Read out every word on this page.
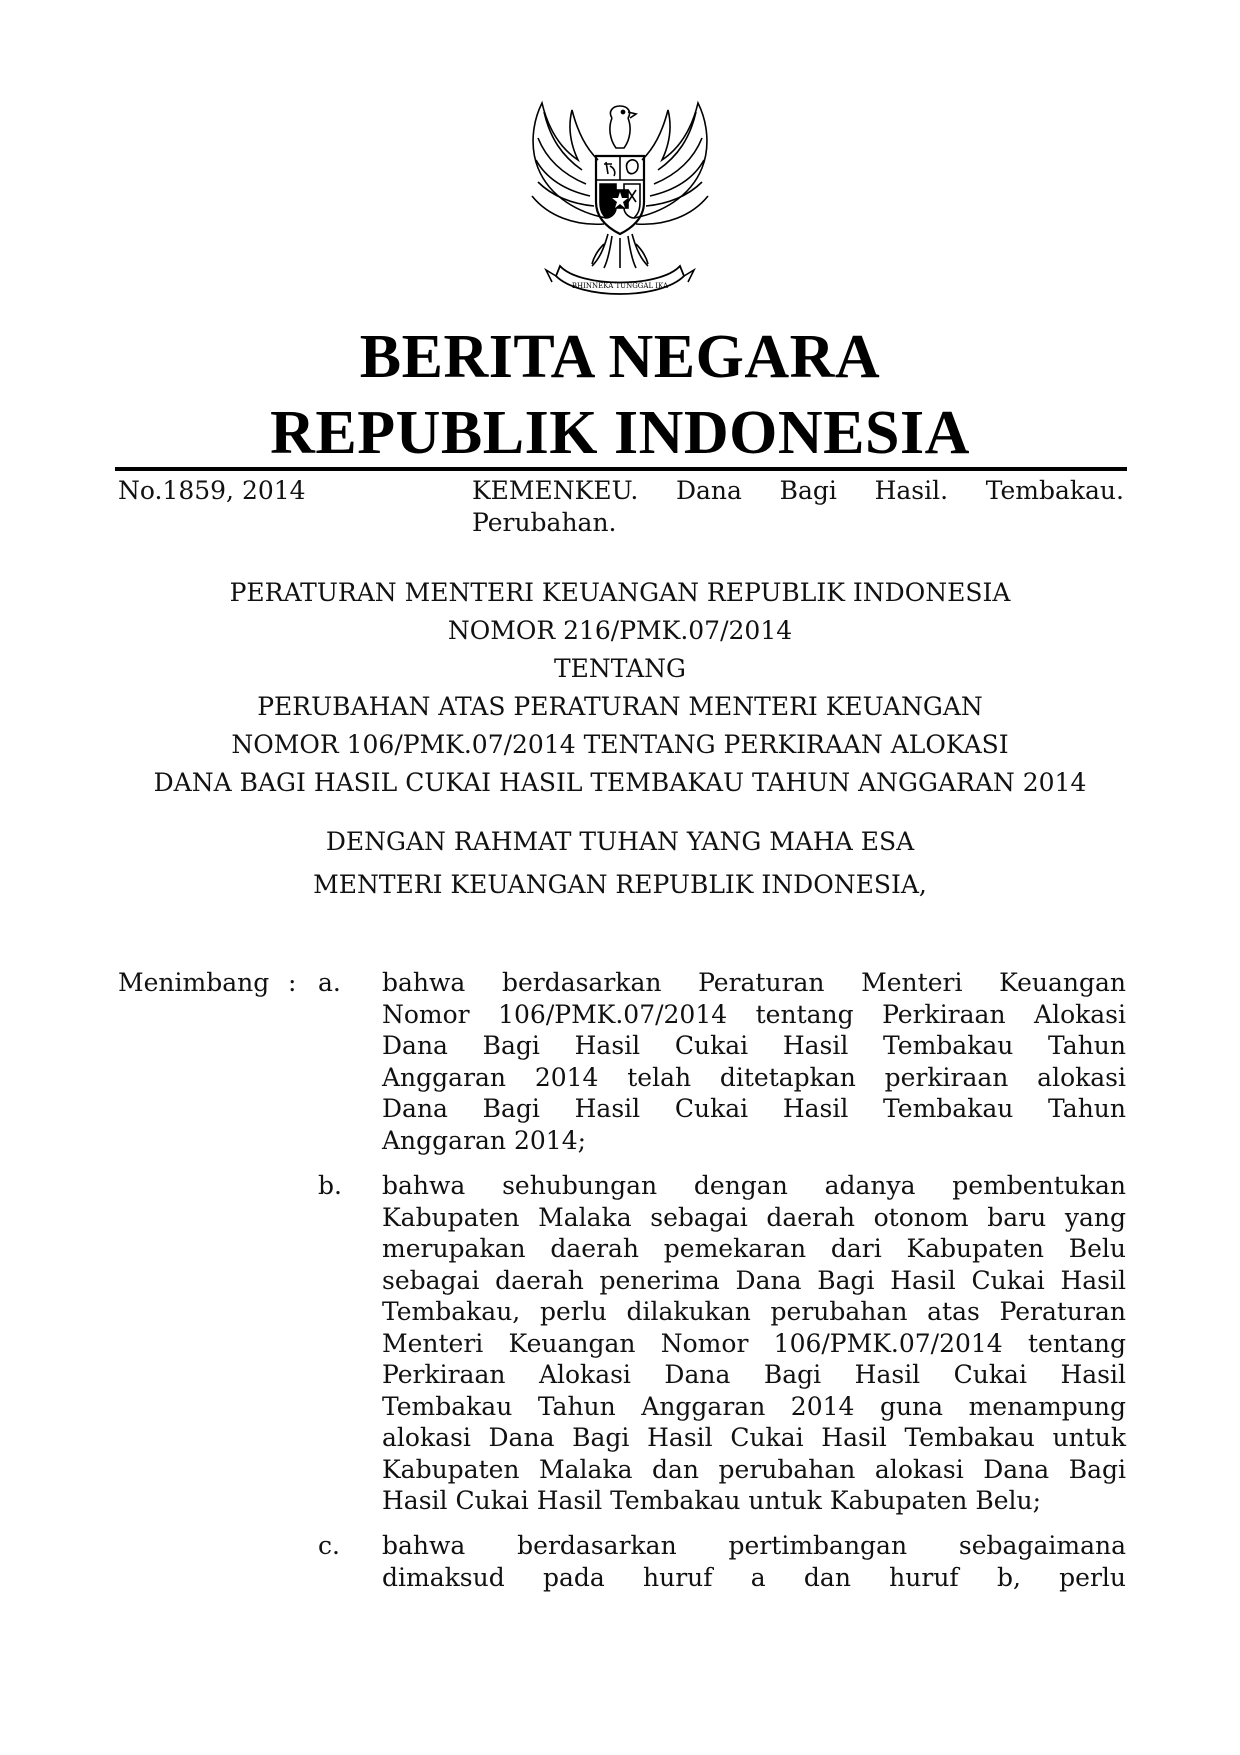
BHINNEKA TUNGGAL IKA
BERITA NEGARA
REPUBLIK INDONESIA
No.1859, 2014	KEMENKEU. Dana Bagi Hasil. Tembakau.
Perubahan.
PERATURAN MENTERI KEUANGAN REPUBLIK INDONESIA
NOMOR 216/PMK.07/2014
TENTANG
PERUBAHAN ATAS PERATURAN MENTERI KEUANGAN
NOMOR 106/PMK.07/2014 TENTANG PERKIRAAN ALOKASI
DANA BAGI HASIL CUKAI HASIL TEMBAKAU TAHUN ANGGARAN 2014
DENGAN RAHMAT TUHAN YANG MAHA ESA
MENTERI KEUANGAN REPUBLIK INDONESIA,
Menimbang : a. bahwa berdasarkan Peraturan Menteri Keuangan
Nomor 106/PMK.07/2014 tentang Perkiraan Alokasi
Dana Bagi Hasil Cukai Hasil Tembakau Tahun
Anggaran 2014 telah ditetapkan perkiraan alokasi
Dana Bagi Hasil Cukai Hasil Tembakau Tahun
Anggaran 2014;
b. bahwa sehubungan dengan adanya pembentukan
Kabupaten Malaka sebagai daerah otonom baru yang
merupakan daerah pemekaran dari Kabupaten Belu
sebagai daerah penerima Dana Bagi Hasil Cukai Hasil
Tembakau, perlu dilakukan perubahan atas Peraturan
Menteri Keuangan Nomor 106/PMK.07/2014 tentang
Perkiraan Alokasi Dana Bagi Hasil Cukai Hasil
Tembakau Tahun Anggaran 2014 guna menampung
alokasi Dana Bagi Hasil Cukai Hasil Tembakau untuk
Kabupaten Malaka dan perubahan alokasi Dana Bagi
Hasil Cukai Hasil Tembakau untuk Kabupaten Belu;
c.	bahwa berdasarkan pertimbangan sebagaimana
dimaksud pada huruf a dan huruf b, perlu
